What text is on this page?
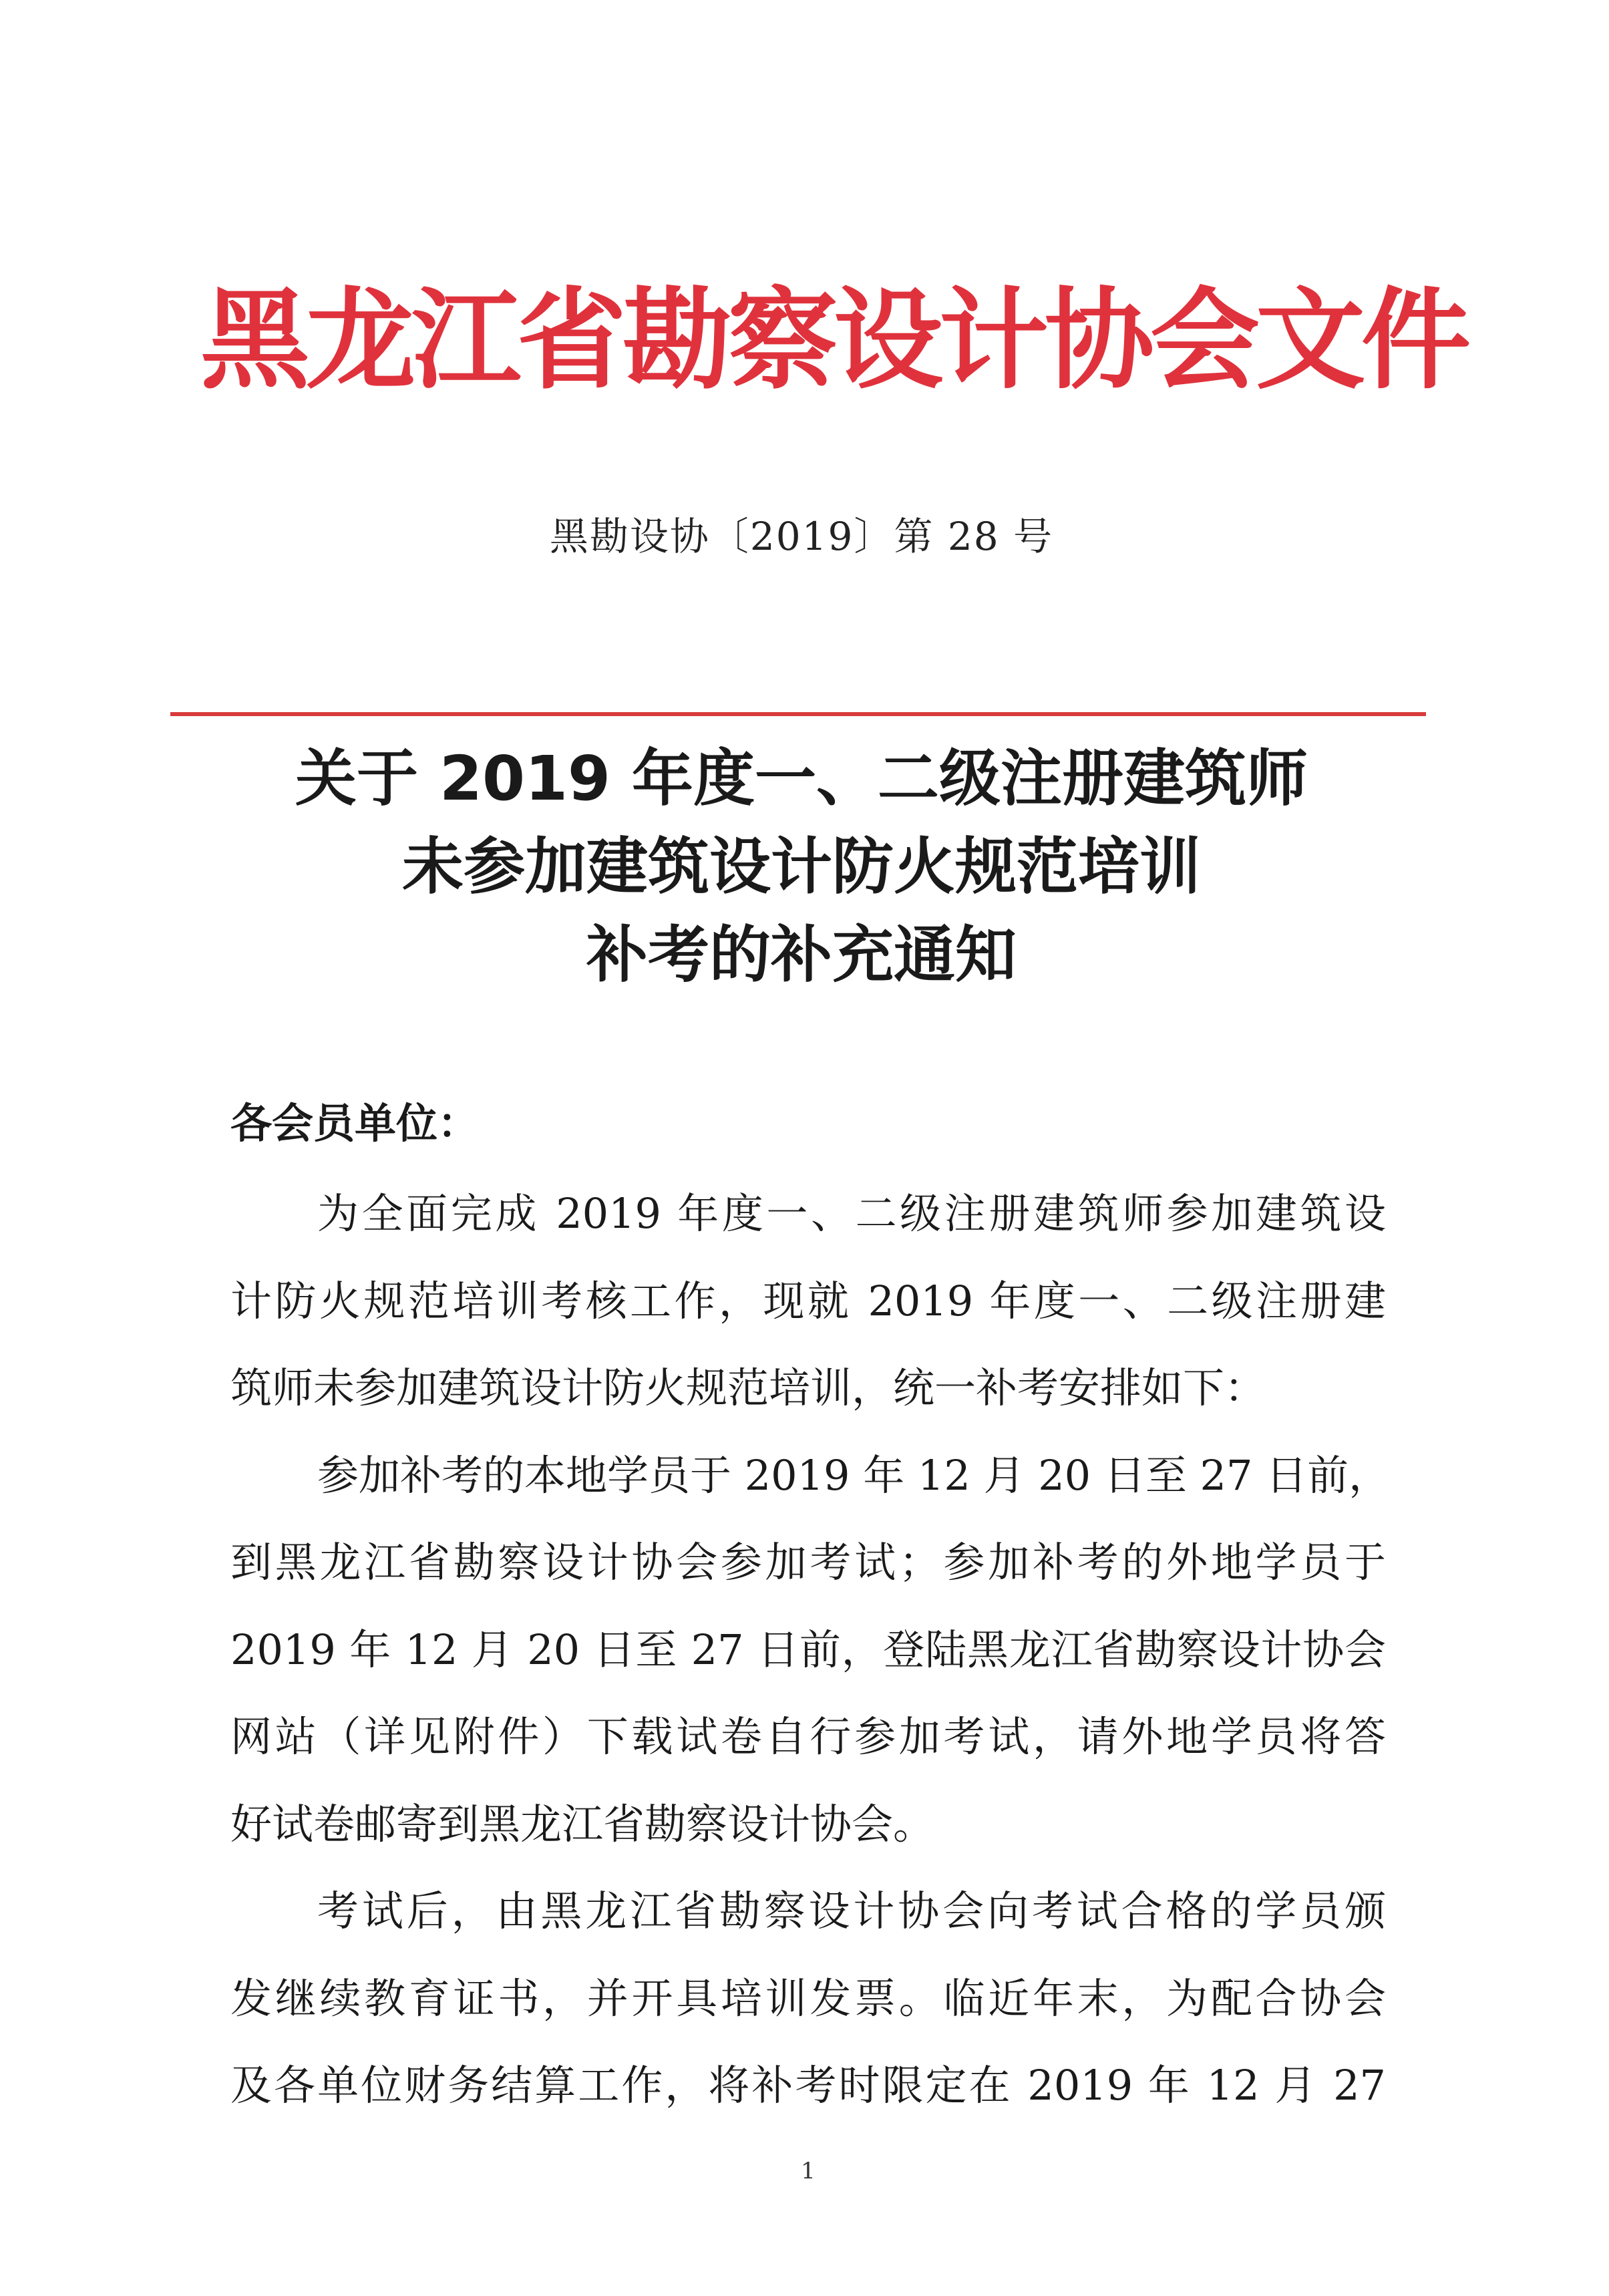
黑龙江省勘察设计协会文件
黑勘设协〔2019〕第 28 号
关于 2019 年度一、二级注册建筑师
未参加建筑设计防火规范培训
补考的补充通知
各会员单位：
为全面完成 2019 年度一、二级注册建筑师参加建筑设
计防火规范培训考核工作，现就 2019 年度一、二级注册建
筑师未参加建筑设计防火规范培训，统一补考安排如下：
参加补考的本地学员于 2019 年 12 月 20 日至 27 日前，
到黑龙江省勘察设计协会参加考试；参加补考的外地学员于
2019 年 12 月 20 日至 27 日前，登陆黑龙江省勘察设计协会
网站（详见附件）下载试卷自行参加考试，请外地学员将答
好试卷邮寄到黑龙江省勘察设计协会。
考试后，由黑龙江省勘察设计协会向考试合格的学员颁
发继续教育证书，并开具培训发票。临近年末，为配合协会
及各单位财务结算工作，将补考时限定在 2019 年 12 月 27
1
